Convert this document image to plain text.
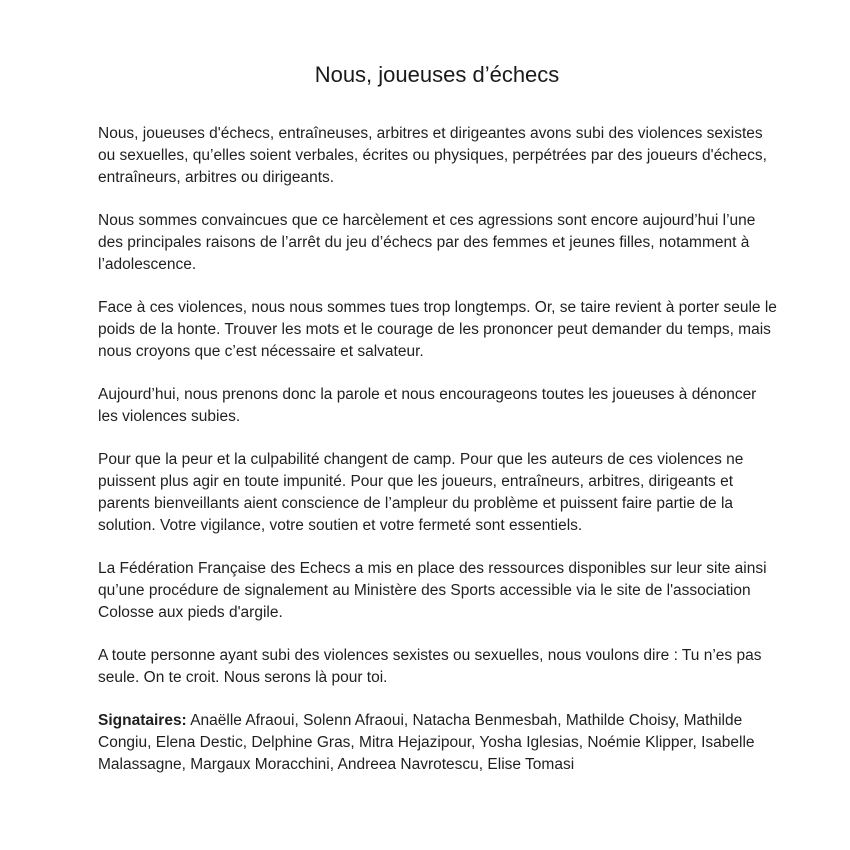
Nous, joueuses d’échecs

Nous, joueuses d'échecs, entraîneuses, arbitres et dirigeantes avons subi des violences sexistes ou sexuelles, qu’elles soient verbales, écrites ou physiques, perpétrées par des joueurs d'échecs, entraîneurs, arbitres ou dirigeants.

Nous sommes convaincues que ce harcèlement et ces agressions sont encore aujourd’hui l’une des principales raisons de l’arrêt du jeu d’échecs par des femmes et jeunes filles, notamment à l’adolescence.

Face à ces violences, nous nous sommes tues trop longtemps. Or, se taire revient à porter seule le poids de la honte. Trouver les mots et le courage de les prononcer peut demander du temps, mais nous croyons que c’est nécessaire et salvateur.

Aujourd’hui, nous prenons donc la parole et nous encourageons toutes les joueuses à dénoncer les violences subies.

Pour que la peur et la culpabilité changent de camp. Pour que les auteurs de ces violences ne puissent plus agir en toute impunité. Pour que les joueurs, entraîneurs, arbitres, dirigeants et parents bienveillants aient conscience de l’ampleur du problème et puissent faire partie de la solution. Votre vigilance, votre soutien et votre fermeté sont essentiels.

La Fédération Française des Echecs a mis en place des ressources disponibles sur leur site ainsi qu’une procédure de signalement au Ministère des Sports accessible via le site de l'association Colosse aux pieds d'argile.

A toute personne ayant subi des violences sexistes ou sexuelles, nous voulons dire : Tu n’es pas seule. On te croit. Nous serons là pour toi.

Signataires: Anaëlle Afraoui, Solenn Afraoui, Natacha Benmesbah, Mathilde Choisy, Mathilde Congiu, Elena Destic, Delphine Gras, Mitra Hejazipour, Yosha Iglesias, Noémie Klipper, Isabelle Malassagne, Margaux Moracchini, Andreea Navrotescu, Elise Tomasi
